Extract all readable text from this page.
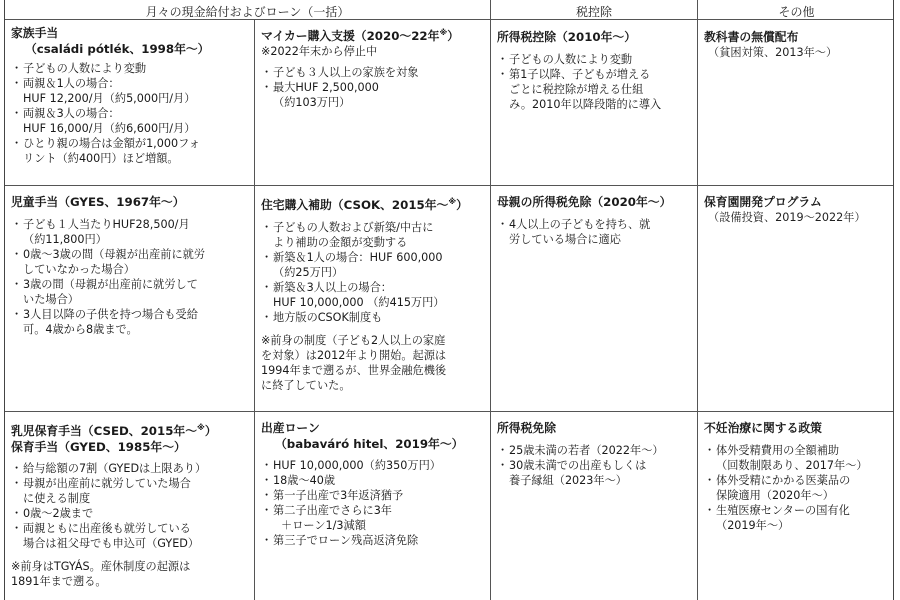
月々の現金給付およびローン（一括）	税控除	その他
家族手当
（családi pótlék、1998年～）
・ 子どもの人数により変動
・ 両親＆1人の場合：
HUF 12,200/月（約5,000円/月）
・ 両親＆3人の場合：
HUF 16,000/月（約6,600円/月）
・ ひとり親の場合は金額が1,000フォ
リント（約400円）ほど増額。
マイカー購入支援（2020～22年※）
※2022年末から停止中
・ 子ども３人以上の家族を対象
・ 最大HUF 2,500,000
（約103万円）
所得税控除（2010年～）
・ 子どもの人数により変動
・ 第1子以降、子どもが増える
ごとに税控除が増える仕組
み。2010年以降段階的に導入
教科書の無償配布
（貧困対策、2013年～）
児童手当（GYES、1967年～）
・ 子ども１人当たりHUF28,500/月
（約11,800円）
・ 0歳～3歳の間（母親が出産前に就労
していなかった場合）
・ 3歳の間（母親が出産前に就労して
いた場合）
・ 3人目以降の子供を持つ場合も受給
可。4歳から8歳まで。
住宅購入補助（CSOK、2015年～※）
・ 子どもの人数および新築/中古に
より補助の金額が変動する
・ 新築＆1人の場合：HUF 600,000
（約25万円）
・ 新築＆3人以上の場合：
HUF 10,000,000 （約415万円）
・ 地方版のCSOK制度も
※前身の制度（子ども2人以上の家庭
を対象）は2012年より開始。起源は
1994年まで遡るが、世界金融危機後
に終了していた。
母親の所得税免除（2020年～）
・ 4人以上の子どもを持ち、就
労している場合に適応
保育園開発プログラム
（設備投資、2019～2022年）
乳児保育手当（CSED、2015年～※）
保育手当（GYED、1985年～）
・ 給与総額の7割（GYEDは上限あり）
・ 母親が出産前に就労していた場合
に使える制度
・ 0歳～2歳まで
・ 両親ともに出産後も就労している
場合は祖父母でも申込可（GYED）
※前身はTGYÁS。産休制度の起源は
1891年まで遡る。
出産ローン
（babaváró hitel、2019年～）
・ HUF 10,000,000（約350万円）
・ 18歳～40歳
・ 第一子出産で3年返済猶予
・ 第二子出産でさらに3年
＋ローン1/3減額
・ 第三子でローン残高返済免除
所得税免除
・ 25歳未満の若者（2022年～）
・ 30歳未満での出産もしくは
養子縁組（2023年～）
不妊治療に関する政策
・ 体外受精費用の全額補助
（回数制限あり、2017年～）
・ 体外受精にかかる医薬品の
保険適用（2020年～）
・ 生殖医療センターの国有化
（2019年～）
